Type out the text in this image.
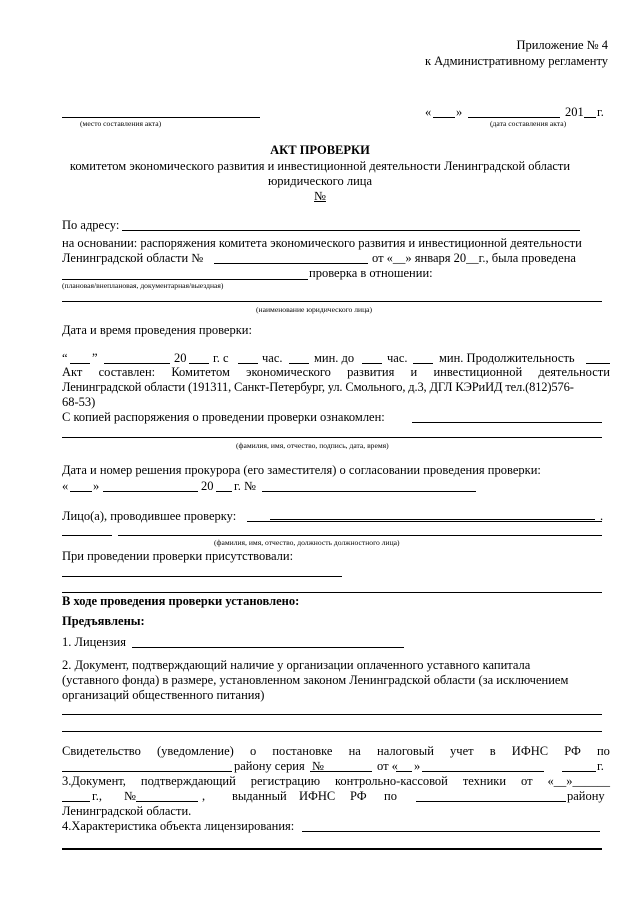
Приложение № 4
к Административному регламенту
(место составления акта)
« »	201 г.
(дата составления акта)
АКТ ПРОВЕРКИ
комитетом экономического развития и инвестиционной деятельности Ленинградской области
юридического лица
№
По адресу:
на основании: распоряжения комитета экономического развития и инвестиционной деятельности
Ленинградской области №	от «__» января 20__г., была проведена
проверка в отношении:
(плановая/внеплановая, документарная/выездная)
(наименование юридического лица)
Дата и время проведения проверки:
“ ”	20 г. с	час.	мин. до	час.	мин. Продолжительность
Акт составлен: Комитетом экономического развития и инвестиционной деятельности
Ленинградской области (191311, Санкт-Петербург, ул. Смольного, д.3, ДГЛ КЭРиИД тел.(812)576-
68-53)
С копией распоряжения о проведении проверки ознакомлен:
(фамилия, имя, отчество, подпись, дата, время)
Дата и номер решения прокурора (его заместителя) о согласовании проведения проверки:
« »	20 г. №
Лицо(а), проводившее проверку:	.
(фамилия, имя, отчество, должность должностного лица)
При проведении проверки присутствовали:
В ходе проведения проверки установлено:
Предъявлены:
1. Лицензия
2. Документ, подтверждающий наличие у организации оплаченного уставного капитала
(уставного фонда) в размере, установленном законом Ленинградской области (за исключением
организаций общественного питания)
Свидетельство (уведомление) о постановке на налоговый учет в ИФНС РФ по
району серия №	от « »	г.
3.Документ, подтверждающий регистрацию контрольно-кассовой техники от «__»______
г., №	, выданный ИФНС РФ по	району
Ленинградской области.
4.Характеристика объекта лицензирования:
